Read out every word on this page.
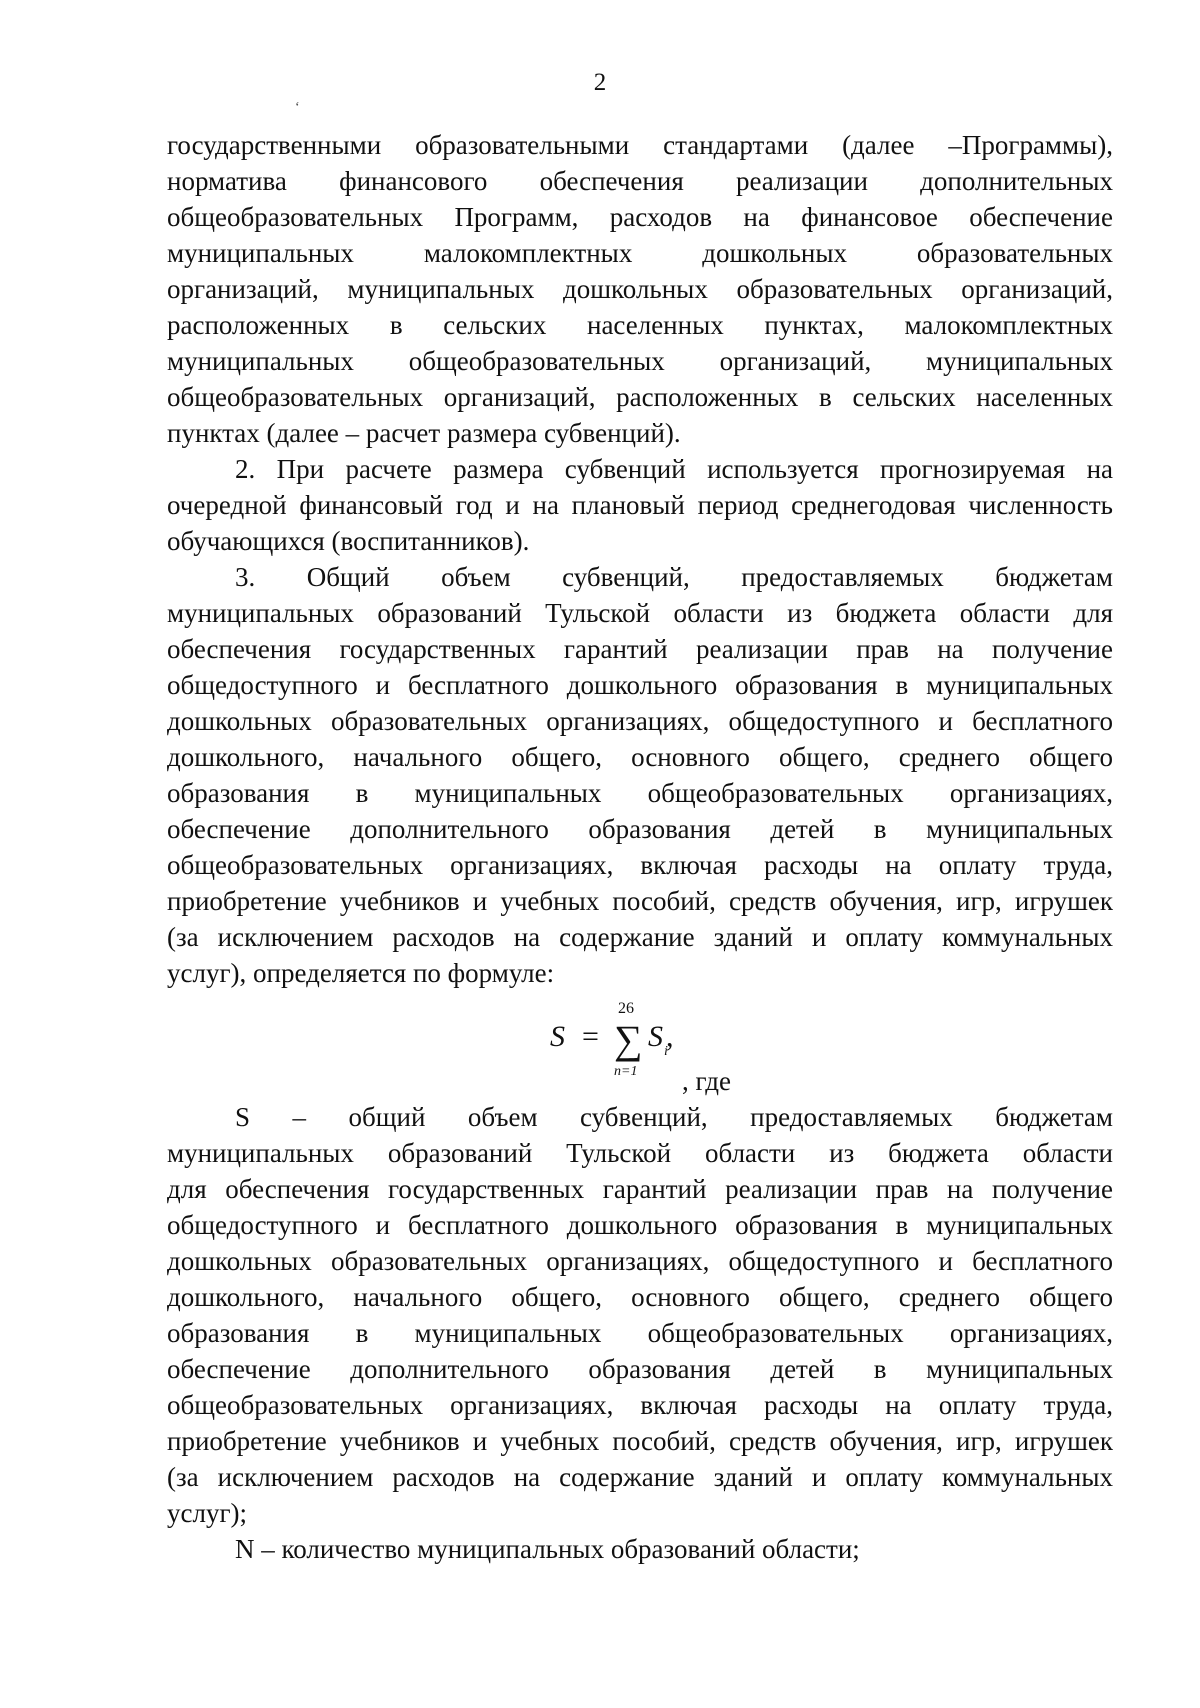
2
‘
государственными образовательными стандартами (далее –Программы),
норматива финансового обеспечения реализации дополнительных
общеобразовательных Программ, расходов на финансовое обеспечение
муниципальных малокомплектных дошкольных образовательных
организаций, муниципальных дошкольных образовательных организаций,
расположенных в сельских населенных пунктах, малокомплектных
муниципальных общеобразовательных организаций, муниципальных
общеобразовательных организаций, расположенных в сельских населенных
пунктах (далее – расчет размера субвенций).
2. При расчете размера субвенций используется прогнозируемая на
очередной финансовый год и на плановый период среднегодовая численность
обучающихся (воспитанников).
3. Общий объем субвенций, предоставляемых бюджетам
муниципальных образований Тульской области из бюджета области для
обеспечения государственных гарантий реализации прав на получение
общедоступного и бесплатного дошкольного образования в муниципальных
дошкольных образовательных организациях, общедоступного и бесплатного
дошкольного, начального общего, основного общего, среднего общего
образования в муниципальных общеобразовательных организациях,
обеспечение дополнительного образования детей в муниципальных
общеобразовательных организациях, включая расходы на оплату труда,
приобретение учебников и учебных пособий, средств обучения, игр, игрушек
(за исключением расходов на содержание зданий и оплату коммунальных
услуг), определяется по формуле:
S =
26
∑
n=1
S i
,
, где
S – общий объем субвенций, предоставляемых бюджетам
муниципальных образований Тульской области из бюджета области
для обеспечения государственных гарантий реализации прав на получение
общедоступного и бесплатного дошкольного образования в муниципальных
дошкольных образовательных организациях, общедоступного и бесплатного
дошкольного, начального общего, основного общего, среднего общего
образования в муниципальных общеобразовательных организациях,
обеспечение дополнительного образования детей в муниципальных
общеобразовательных организациях, включая расходы на оплату труда,
приобретение учебников и учебных пособий, средств обучения, игр, игрушек
(за исключением расходов на содержание зданий и оплату коммунальных
услуг);
N – количество муниципальных образований области;
